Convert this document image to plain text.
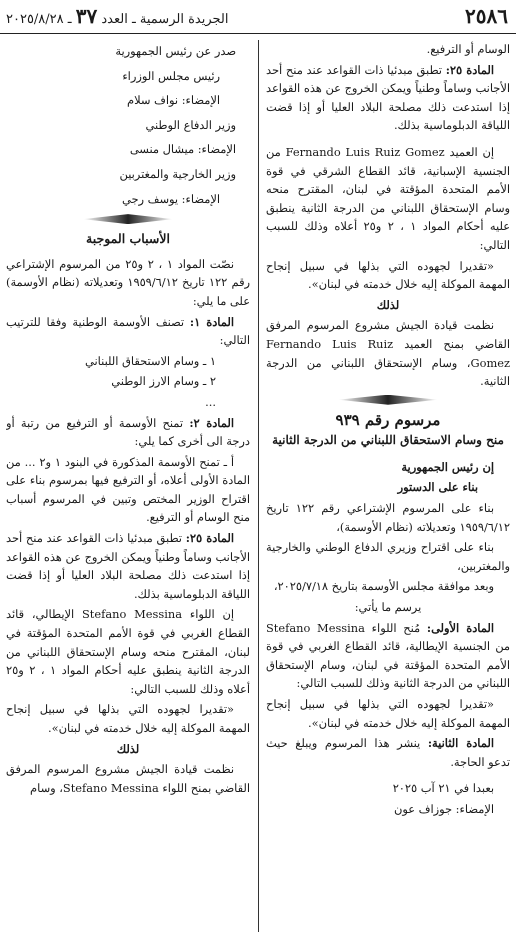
٢٥٨٦
الجريدة الرسمية ـ العدد ٣٧ ـ ٢٠٢٥/٨/٢٨

الوسام أو الترفيع.

المادة ٢٥: تطبق مبدئيا ذات القواعد عند منح أحد الأجانب وساماً وطنياً ويمكن الخروج عن هذه القواعد إذا استدعت ذلك مصلحة البلاد العليا أو إذا قضت اللياقة الدبلوماسية بذلك.

إن العميد Fernando Luis Ruiz Gomez من الجنسية الإسبانية، قائد القطاع الشرقي في قوة الأمم المتحدة المؤقتة في لبنان، المقترح منحه وسام الإستحقاق اللبناني من الدرجة الثانية ينطبق عليه أحكام المواد ١ ، ٢ و٢٥ أعلاه وذلك للسبب التالي:

«تقديرا لجهوده التي بذلها في سبيل إنجاح المهمة الموكلة إليه خلال خدمته في لبنان».

لذلك

نظمت قيادة الجيش مشروع المرسوم المرفق القاضي بمنح العميد Fernando Luis Ruiz Gomez، وسام الإستحقاق اللبناني من الدرجة الثانية.

مرسوم رقم ٩٣٩

منح وسام الاستحقاق اللبناني من الدرجة الثانية

إن رئيس الجمهورية

بناء على الدستور

بناء على المرسوم الإشتراعي رقم ١٢٢ تاريخ ١٩٥٩/٦/١٢ وتعديلاته (نظام الأوسمة)،

بناء على اقتراح وزيري الدفاع الوطني والخارجية والمغتربين،

وبعد موافقة مجلس الأوسمة بتاريخ ٢٠٢٥/٧/١٨،

يرسم ما يأتي:

المادة الأولى: مُنح اللواء Stefano Messina من الجنسية الإيطالية، قائد القطاع الغربي في قوة الأمم المتحدة المؤقتة في لبنان، وسام الإستحقاق اللبناني من الدرجة الثانية وذلك للسبب التالي:

«تقديرا لجهوده التي بذلها في سبيل إنجاح المهمة الموكلة إليه خلال خدمته في لبنان».

المادة الثانية: ينشر هذا المرسوم ويبلغ حيث تدعو الحاجة.

بعبدا في ٢١ آب ٢٠٢٥

الإمضاء: جوزاف عون

صدر عن رئيس الجمهورية

رئيس مجلس الوزراء

الإمضاء: نواف سلام

وزير الدفاع الوطني

الإمضاء: ميشال منسى

وزير الخارجية والمغتربين

الإمضاء: يوسف رجي

الأسباب الموجبة

نصّت المواد ١ ، ٢ و٢٥ من المرسوم الإشتراعي رقم ١٢٢ تاريخ ١٩٥٩/٦/١٢ وتعديلاته (نظام الأوسمة) على ما يلي:

المادة ١: تصنف الأوسمة الوطنية وفقا للترتيب التالي:

١ ـ وسام الاستحقاق اللبناني

٢ ـ وسام الارز الوطني

...

المادة ٢: تمنح الأوسمة أو الترفيع من رتبة أو درجة الى أخرى كما يلي:

أ ـ تمنح الأوسمة المذكورة في البنود ١ و٢ ... من المادة الأولى أعلاه، أو الترفيع فيها بمرسوم بناء على اقتراح الوزير المختص وتبين في المرسوم أسباب منح الوسام أو الترفيع.

المادة ٢٥: تطبق مبدئيا ذات القواعد عند منح أحد الأجانب وساماً وطنياً ويمكن الخروج عن هذه القواعد إذا استدعت ذلك مصلحة البلاد العليا أو إذا قضت اللياقة الدبلوماسية بذلك.

إن اللواء Stefano Messina الإيطالي، قائد القطاع الغربي في قوة الأمم المتحدة المؤقتة في لبنان، المقترح منحه وسام الإستحقاق اللبناني من الدرجة الثانية ينطبق عليه أحكام المواد ١ ، ٢ و٢٥ أعلاه وذلك للسبب التالي:

«تقديرا لجهوده التي بذلها في سبيل إنجاح المهمة الموكلة إليه خلال خدمته في لبنان».

لذلك

نظمت قيادة الجيش مشروع المرسوم المرفق القاضي بمنح اللواء Stefano Messina، وسام
